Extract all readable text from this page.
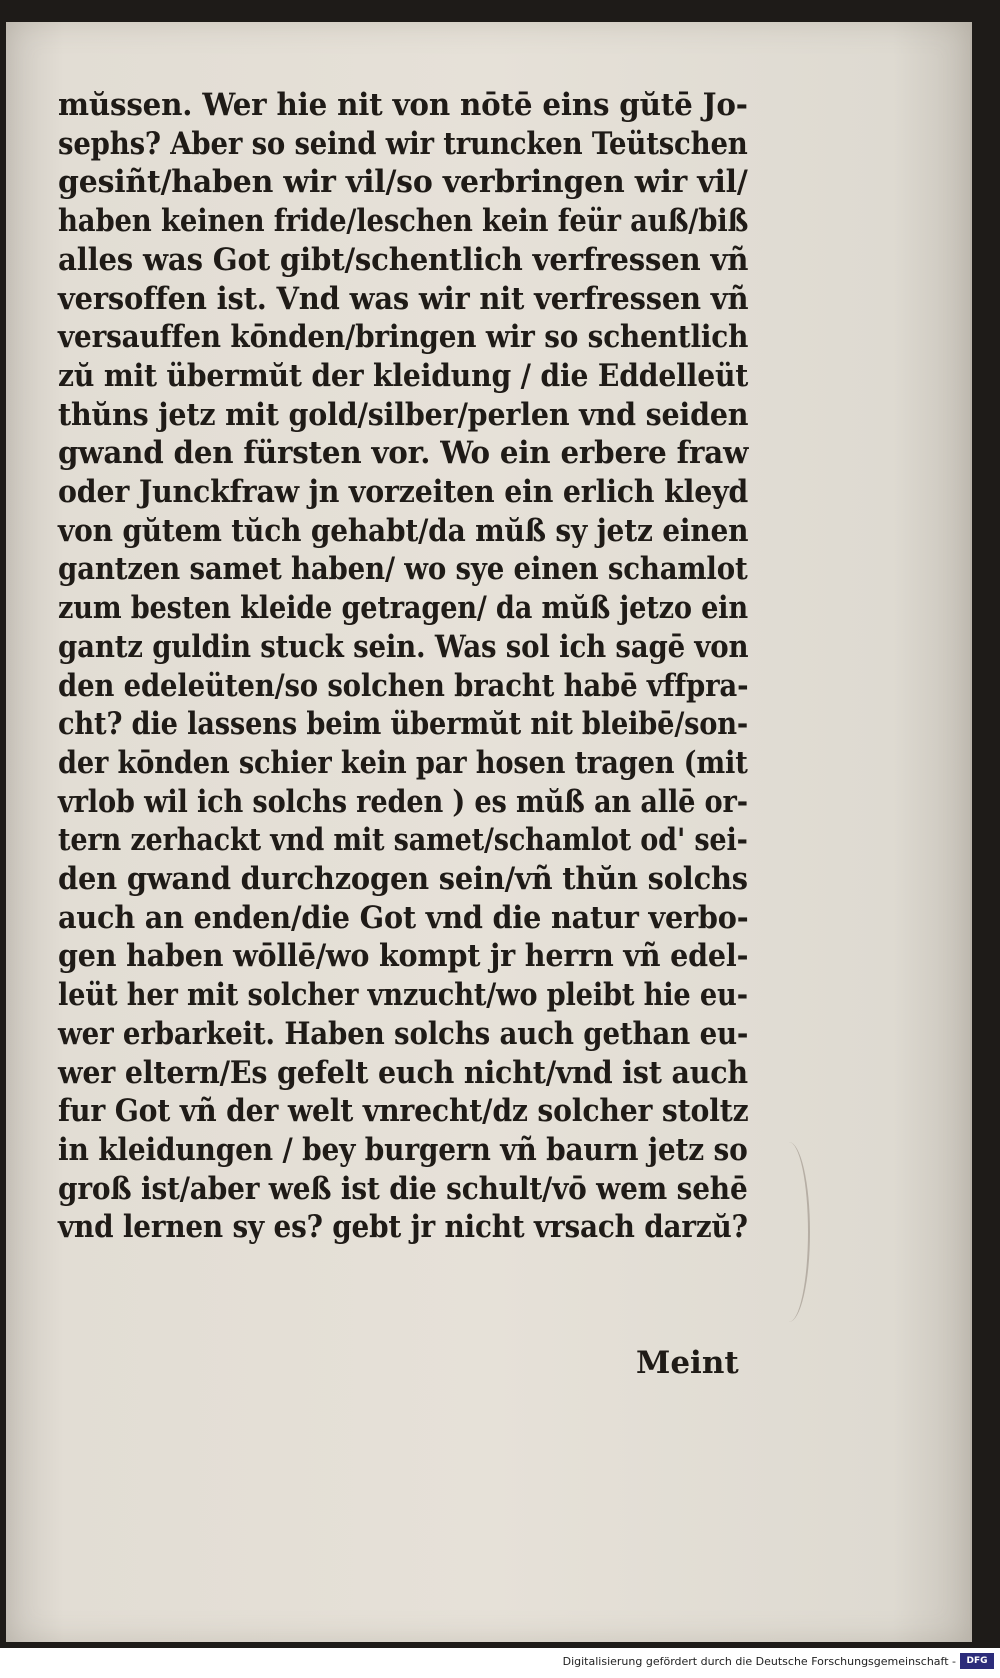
mŭssen. Wer hie nit von nōtē eins gŭtē Jo-
sephs? Aber so seind wir truncken Teütschen
gesiñt/haben wir vil/so verbringen wir vil/
haben keinen fride/leschen kein feür auß/biß
alles was Got gibt/schentlich verfressen vñ
versoffen ist. Vnd was wir nit verfressen vñ
versauffen kōnden/bringen wir so schentlich
zŭ mit übermŭt der kleidung / die Eddelleüt
thŭns jetz mit gold/silber/perlen vnd seiden
gwand den fürsten vor. Wo ein erbere fraw
oder Junckfraw jn vorzeiten ein erlich kleyd
von gŭtem tŭch gehabt/da mŭß sy jetz einen
gantzen samet haben/ wo sye einen schamlot
zum besten kleide getragen/ da mŭß jetzo ein
gantz guldin stuck sein. Was sol ich sagē von
den edeleüten/so solchen bracht habē vffpra-
cht? die lassens beim übermŭt nit bleibē/son-
der kōnden schier kein par hosen tragen (mit
vrlob wil ich solchs reden ) es mŭß an allē or-
tern zerhackt vnd mit samet/schamlot od' sei-
den gwand durchzogen sein/vñ thŭn solchs
auch an enden/die Got vnd die natur verbo-
gen haben wōllē/wo kompt jr herrn vñ edel-
leüt her mit solcher vnzucht/wo pleibt hie eu-
wer erbarkeit. Haben solchs auch gethan eu-
wer eltern/Es gefelt euch nicht/vnd ist auch
fur Got vñ der welt vnrecht/dz solcher stoltz
in kleidungen / bey burgern vñ baurn jetz so
groß ist/aber weß ist die schult/vō wem sehē
vnd lernen sy es? gebt jr nicht vrsach darzŭ?
Meint
Digitalisierung gefördert durch die Deutsche Forschungsgemeinschaft -	DFG
